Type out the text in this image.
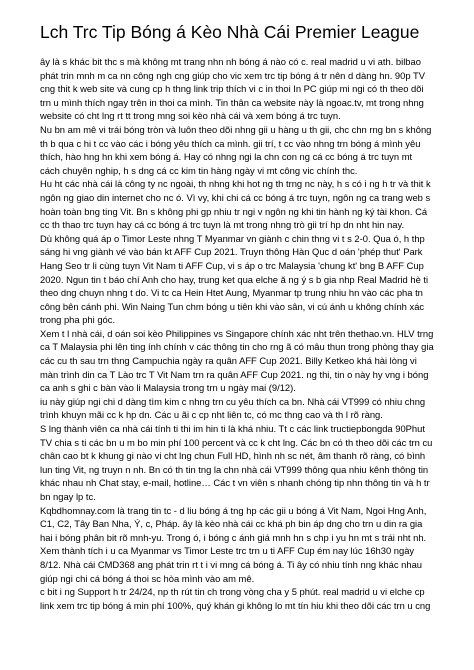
Lch Trc Tip Bóng á Kèo Nhà Cái Premier League

ây là s khác bit thc s mà không mt trang nhn nh bóng á nào có c. real madrid u vi ath. bilbao phát trin mnh m ca nn công ngh cng giúp cho vic xem trc tip bóng á tr nên d dàng hn. 90p TV cng thit k web site và cung cp h thng link trip thích vi c in thoi In PC giúp mi ngi có th theo dõi trn u mình thích ngay trên in thoi ca mình. Tin thân ca website này là ngoac.tv, mt trong nhng website có cht lng rt tt trong mng soi kèo nhà cái và xem bóng á trc tuyn.

Nu bn am mê vi trái bóng tròn và luôn theo dõi nhng gii u hàng u th gii, chc chn rng bn s không th b qua c hi t cc vào các i bóng yêu thích ca mình. gii trí, t cc vào nhng trn bóng á mình yêu thích, hào hng hn khi xem bóng á. Hay có nhng ngi la chn con ng cá cc bóng á trc tuyn mt cách chuyên nghip, h s dng cá cc kim tin hàng ngày vi mt công vic chính thc.

Hu ht các nhà cái là công ty nc ngoài, th nhng khi hot ng th trng nc này, h s có i ng h tr và thit k ngôn ng giao din internet cho nc ó. Vì vy, khi chi cá cc bóng á trc tuyn, ngôn ng ca trang web s hoàn toàn bng ting Vit. Bn s không phi gp nhiu tr ngi v ngôn ng khi tin hành ng ký tài khon. Cá cc th thao trc tuyn hay cá cc bóng á trc tuyn là mt trong nhng trò gii trí hp dn nht hin nay.

Dù không quá áp o Timor Leste nhng T Myanmar vn giành c chin thng vi t s 2-0. Qua ó, h thp sáng hi vng giành vé vào bán kt AFF Cup 2021. Truyn thông Hàn Quc d oán 'phép thut' Park Hang Seo tr li cùng tuyn Vit Nam ti AFF Cup, vi s áp o trc Malaysia 'chung kt' bng B AFF Cup 2020. Ngun tin t báo chí Anh cho hay, trung ket qua elche ă ng ý s b gia nhp Real Madrid hè ti theo dng chuyn nhng t do. Vi tc ca Hein Htet Aung, Myanmar tp trung nhiu hn vào các pha tn công bên cánh phi. Win Naing Tun chm bóng u tiên khi vào sân, vi cú ánh u không chính xác trong pha phi góc.

Xem t l nhà cái, d oán soi kèo Philippines vs Singapore chính xác nht trên thethao.vn. HLV trng ca T Malaysia phi lên ting ính chính v các thông tin cho rng ã có mâu thun trong phòng thay gia các cu th sau trn thng Campuchia ngày ra quân AFF Cup 2021. Billy Ketkeo khá hài lòng vi màn trình din ca T Lào trc T Vit Nam trn ra quân AFF Cup 2021. ng thi, tin o này hy vng i bóng ca anh s ghi c bàn vào li Malaysia trong trn u ngày mai (9/12).

iu này giúp ngi chi d dàng tìm kim c nhng trn cu yêu thích ca bn. Nhà cái VT999 có nhiu chng trình khuyn mãi cc k hp dn. Các u ãi c cp nht liên tc, có mc thng cao và th l rõ ràng.

S lng thành viên ca nhà cái tính ti thi im hin ti là khá nhiu. Tt c các link tructiepbongda 90Phut TV chia s ti các bn u m bo min phí 100 percent và cc k cht lng. Các bn có th theo dõi các trn cu chân cao bt k khung gi nào vi cht lng chun Full HD, hình nh sc nét, âm thanh rõ ràng, có bình lun ting Vit, ng truyn n nh. Bn có th tin tng la chn nhà cái VT999 thông qua nhiu kênh thông tin khác nhau nh Chat stay, e-mail, hotline… Các t vn viên s nhanh chóng tip nhn thông tin và h tr bn ngay lp tc.

Kqbdhomnay.com là trang tin tc - d liu bóng á tng hp các gii u bóng á Vit Nam, Ngoi Hng Anh, C1, C2, Tây Ban Nha, Ý, c, Pháp. ây là kèo nhà cái cc khá ph bin áp dng cho trn u din ra gia hai i bóng phân bit rõ mnh-yu. Trong ó, i bóng c ánh giá mnh hn s chp i yu hn mt s trái nht nh. Xem thành tích i u ca Myanmar vs Timor Leste trc trn u ti AFF Cup ém nay lúc 16h30 ngày 8/12. Nhà cái CMD368 ang phát trin rt t i vi mng cá bóng á. Ti ây có nhiu tính nng khác nhau giúp ngi chi cá bóng á thoi sc hòa mình vào am mê.

c bit i ng Support h tr 24/24, np th rút tin ch trong vòng cha y 5 phút. real madrid u vi elche cp link xem trc tip bóng á min phí 100%, quý khán gi không lo mt tín hiu khi theo dõi các trn u cng
